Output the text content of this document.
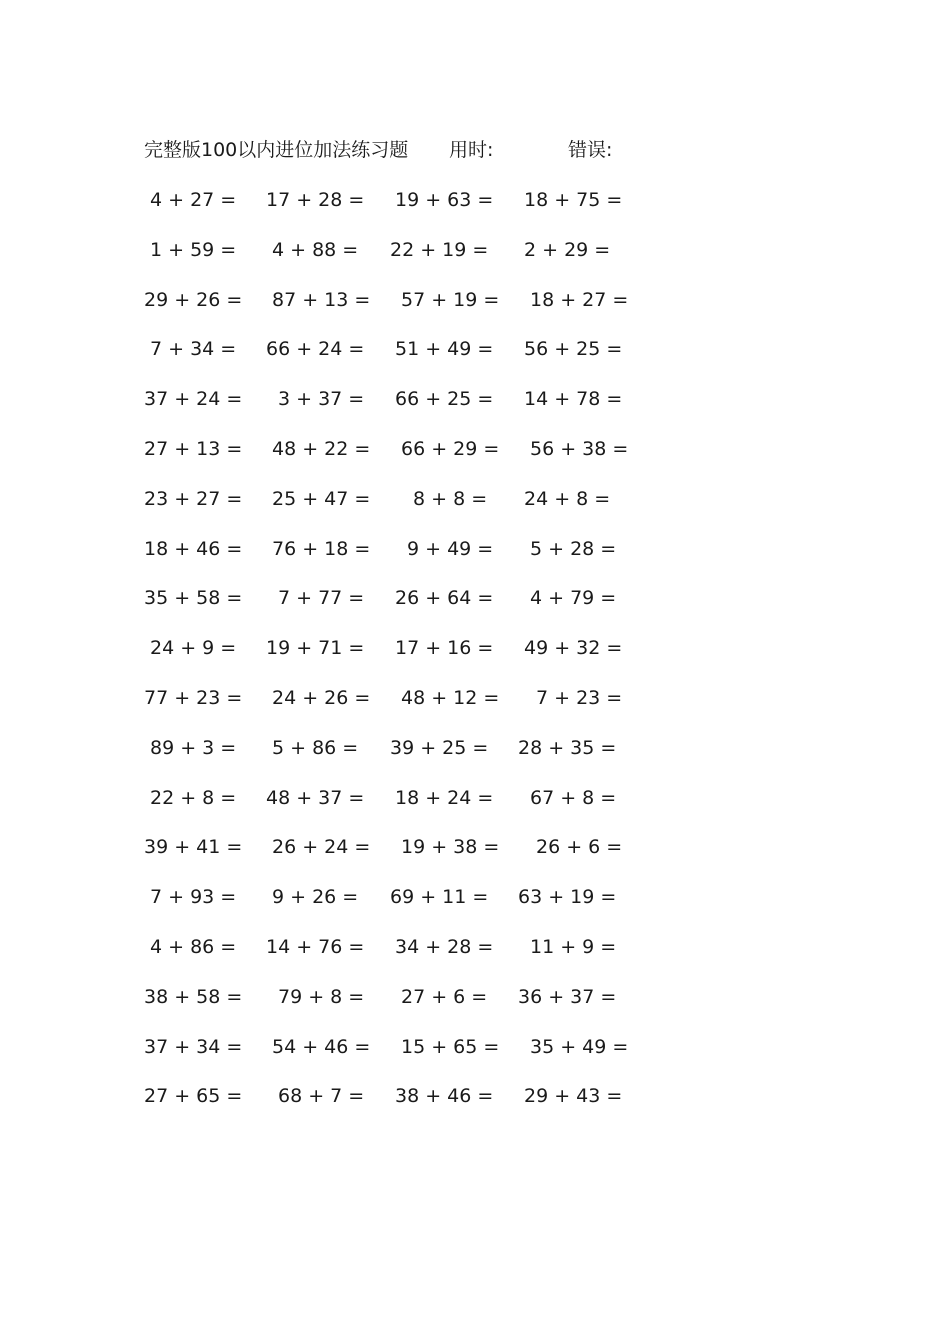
完整版100以内进位加法练习题 用时:	错误:
4 + 27 = 17 + 28 = 19 + 63 = 18 + 75 =
1 + 59 = 4 + 88 = 22 + 19 = 2 + 29 =
29 + 26 = 87 + 13 = 57 + 19 = 18 + 27 =
7 + 34 = 66 + 24 = 51 + 49 = 56 + 25 =
37 + 24 = 3 + 37 = 66 + 25 = 14 + 78 =
27 + 13 = 48 + 22 = 66 + 29 = 56 + 38 =
23 + 27 = 25 + 47 = 8 + 8 = 24 + 8 =
18 + 46 = 76 + 18 = 9 + 49 = 5 + 28 =
35 + 58 = 7 + 77 = 26 + 64 = 4 + 79 =
24 + 9 = 19 + 71 = 17 + 16 = 49 + 32 =
77 + 23 = 24 + 26 = 48 + 12 = 7 + 23 =
89 + 3 = 5 + 86 = 39 + 25 = 28 + 35 =
22 + 8 = 48 + 37 = 18 + 24 = 67 + 8 =
39 + 41 = 26 + 24 = 19 + 38 = 26 + 6 =
7 + 93 = 9 + 26 = 69 + 11 = 63 + 19 =
4 + 86 = 14 + 76 = 34 + 28 = 11 + 9 =
38 + 58 = 79 + 8 = 27 + 6 = 36 + 37 =
37 + 34 = 54 + 46 = 15 + 65 = 35 + 49 =
27 + 65 = 68 + 7 = 38 + 46 = 29 + 43 =
